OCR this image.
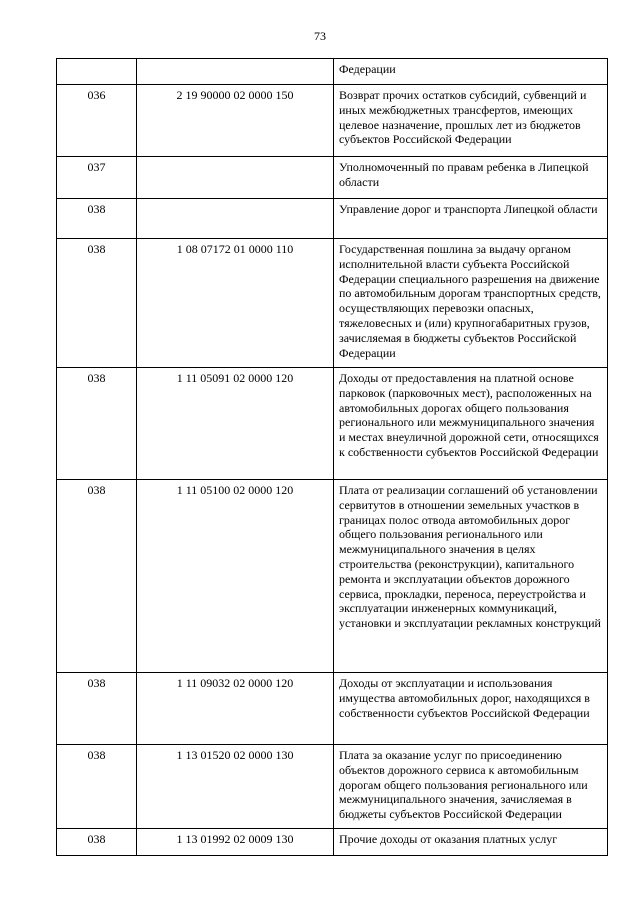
73
		Федерации
036	2 19 90000 02 0000 150	Возврат прочих остатков субсидий, субвенций и иных межбюджетных трансфертов, имеющих целевое назначение, прошлых лет из бюджетов субъектов Российской Федерации
037		Уполномоченный по правам ребенка в Липецкой области
038		Управление дорог и транспорта Липецкой области
038	1 08 07172 01 0000 110	Государственная пошлина за выдачу органом исполнительной власти субъекта Российской Федерации специального разрешения на движение по автомобильным дорогам транспортных средств, осуществляющих перевозки опасных, тяжеловесных и (или) крупногабаритных грузов, зачисляемая в бюджеты субъектов Российской Федерации
038	1 11 05091 02 0000 120	Доходы от предоставления на платной основе парковок (парковочных мест), расположенных на автомобильных дорогах общего пользования регионального или межмуниципального значения и местах внеуличной дорожной сети, относящихся к собственности субъектов Российской Федерации
038	1 11 05100 02 0000 120	Плата от реализации соглашений об установлении сервитутов в отношении земельных участков в границах полос отвода автомобильных дорог общего пользования регионального или межмуниципального значения в целях строительства (реконструкции), капитального ремонта и эксплуатации объектов дорожного сервиса, прокладки, переноса, переустройства и эксплуатации инженерных коммуникаций, установки и эксплуатации рекламных конструкций
038	1 11 09032 02 0000 120	Доходы от эксплуатации и использования имущества автомобильных дорог, находящихся в собственности субъектов Российской Федерации
038	1 13 01520 02 0000 130	Плата за оказание услуг по присоединению объектов дорожного сервиса к автомобильным дорогам общего пользования регионального или межмуниципального значения, зачисляемая в бюджеты субъектов Российской Федерации
038	1 13 01992 02 0009 130	Прочие доходы от оказания платных услуг
